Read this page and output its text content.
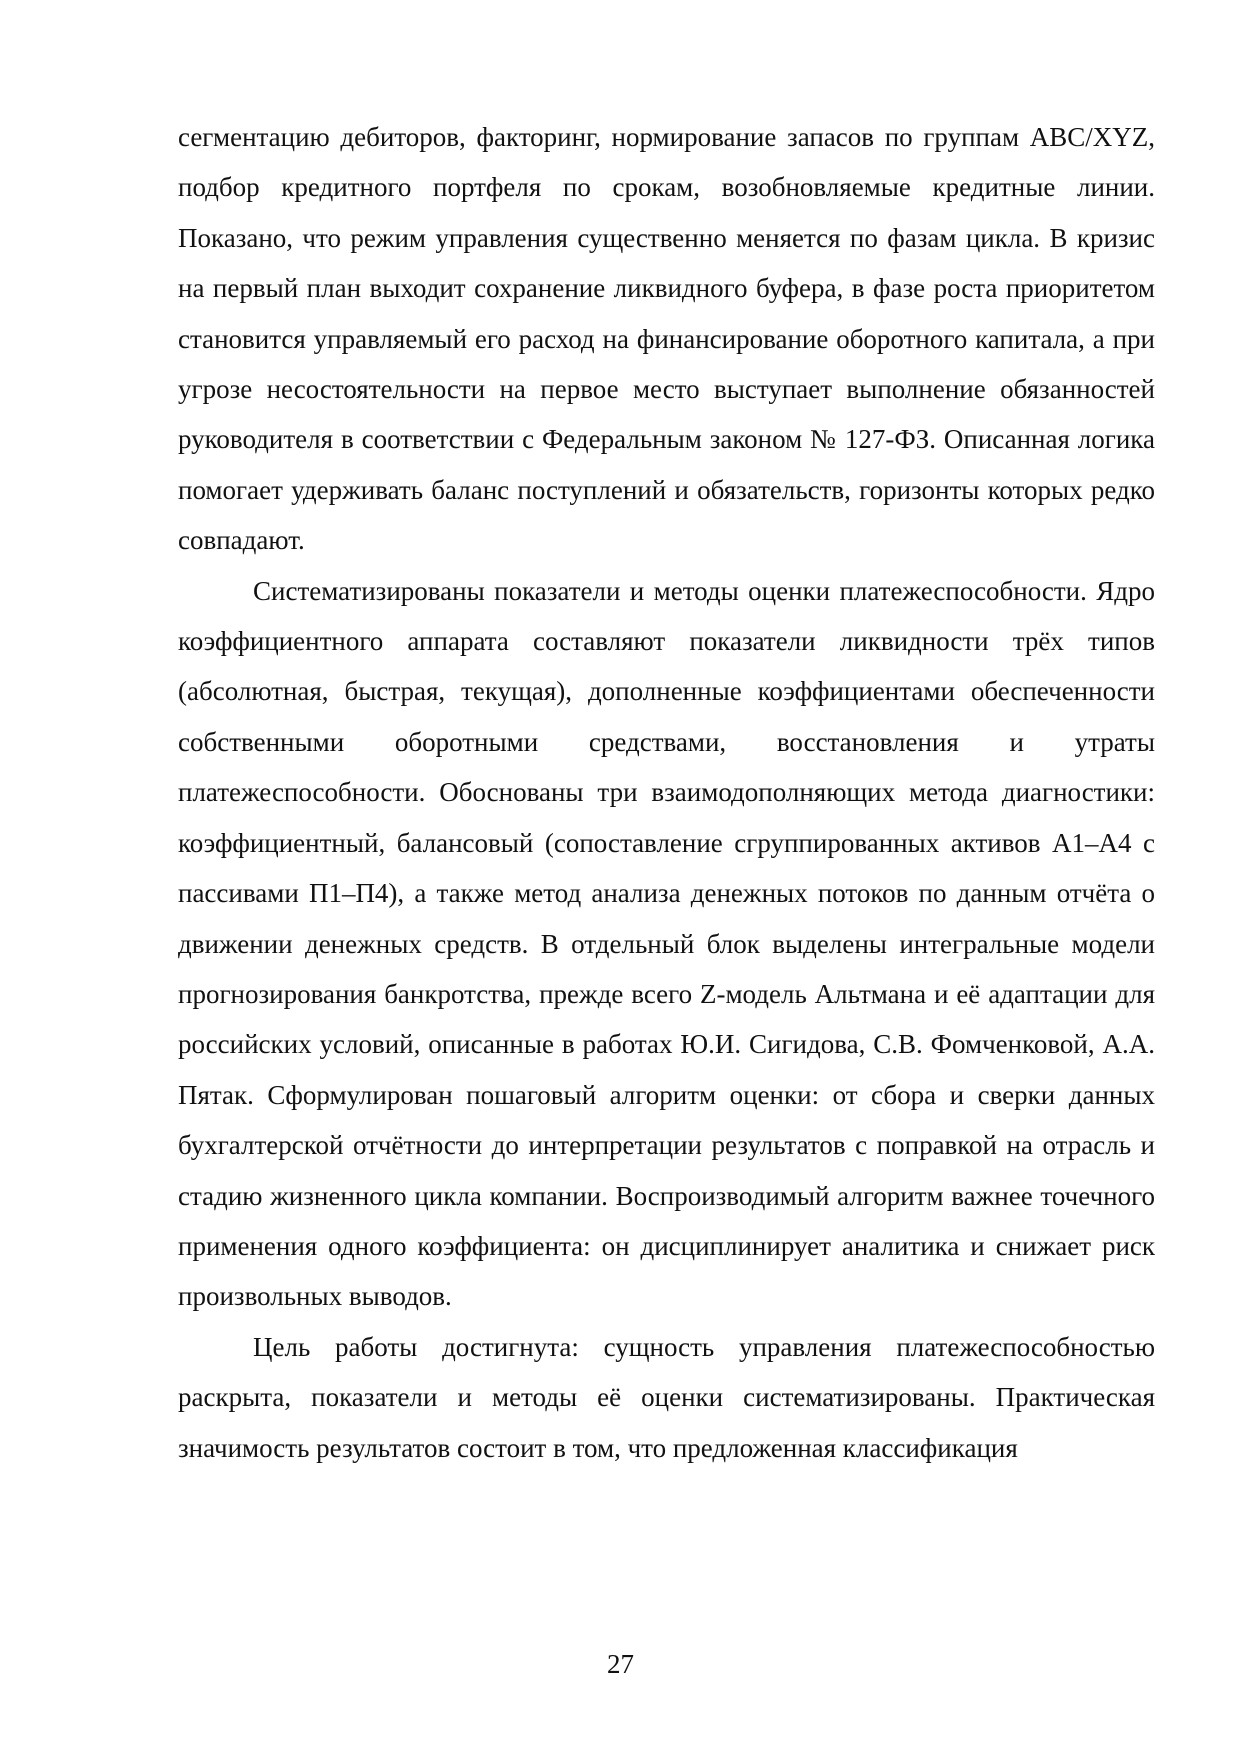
сегментацию дебиторов, факторинг, нормирование запасов по группам ABC/XYZ, подбор кредитного портфеля по срокам, возобновляемые кредитные линии. Показано, что режим управления существенно меняется по фазам цикла. В кризис на первый план выходит сохранение ликвидного буфера, в фазе роста приоритетом становится управляемый его расход на финансирование оборотного капитала, а при угрозе несостоятельности на первое место выступает выполнение обязанностей руководителя в соответствии с Федеральным законом № 127-ФЗ. Описанная логика помогает удерживать баланс поступлений и обязательств, горизонты которых редко совпадают.

Систематизированы показатели и методы оценки платежеспособности. Ядро коэффициентного аппарата составляют показатели ликвидности трёх типов (абсолютная, быстрая, текущая), дополненные коэффициентами обеспеченности собственными оборотными средствами, восстановления и утраты платежеспособности. Обоснованы три взаимодополняющих метода диагностики: коэффициентный, балансовый (сопоставление сгруппированных активов А1–А4 с пассивами П1–П4), а также метод анализа денежных потоков по данным отчёта о движении денежных средств. В отдельный блок выделены интегральные модели прогнозирования банкротства, прежде всего Z-модель Альтмана и её адаптации для российских условий, описанные в работах Ю.И. Сигидова, С.В. Фомченковой, А.А. Пятак. Сформулирован пошаговый алгоритм оценки: от сбора и сверки данных бухгалтерской отчётности до интерпретации результатов с поправкой на отрасль и стадию жизненного цикла компании. Воспроизводимый алгоритм важнее точечного применения одного коэффициента: он дисциплинирует аналитика и снижает риск произвольных выводов.

Цель работы достигнута: сущность управления платежеспособностью раскрыта, показатели и методы её оценки систематизированы. Практическая значимость результатов состоит в том, что предложенная классификация

27
